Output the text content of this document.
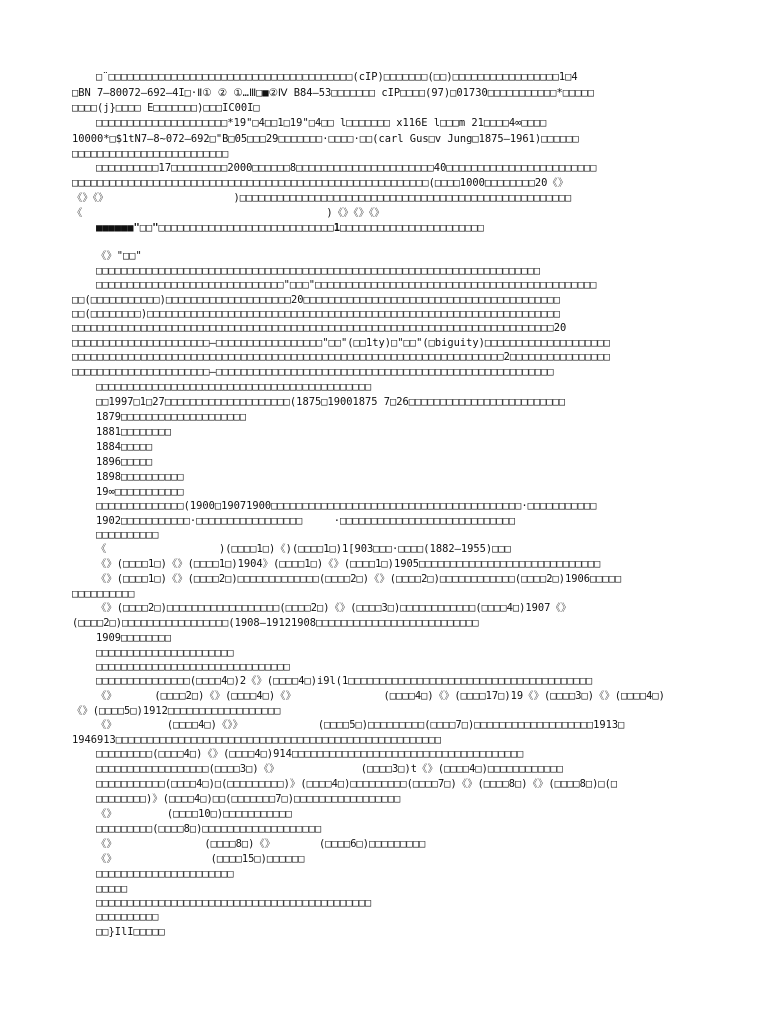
□¨□□□□□□□□□□□□□□□□□□□□□□□□□□□□□□□□□□□□□□□(cIP)□□□□□□□(□□)□□□□□□□□□□□□□□□□□1□4
□BN 7—80072—692—4I□·Ⅱ① ② ①…Ⅲ□■②Ⅳ B84—53□□□□□□□ cIP□□□□(97)□01730□□□□□□□□□□□*□□□□□
□□□□(j}□□□□ E□□□□□□□)□□□IC00I□
□□□□□□□□□□□□□□□□□□□□□*19"□4□□1□19"□4□□ l□□□□□□□ x116E l□□□m 21□□□□4∞□□□□
10000*□$1tN7—8~072—692□"B□05□□□29□□□□□□□·□□□□·□□(carl Gus□v Jung□1875—1961)□□□□□□
□□□□□□□□□□□□□□□□□□□□□□□□□
□□□□□□□□□□17□□□□□□□□□2000□□□□□□8□□□□□□□□□□□□□□□□□□□□□□40□□□□□□□□□□□□□□□□□□□□□□□□
□□□□□□□□□□□□□□□□□□□□□□□□□□□□□□□□□□□□□□□□□□□□□□□□□□□□□□□□□(□□□□1000□□□□□□□□20《》
《》《》                    )□□□□□□□□□□□□□□□□□□□□□□□□□□□□□□□□□□□□□□□□□□□□□□□□□□□□□
《                                       )《》《》《》
■■■■■■"□□"□□□□□□□□□□□□□□□□□□□□□□□□□□□□1□□□□□□□□□□□□□□□□□□□□□□□
《》"□□"
□□□□□□□□□□□□□□□□□□□□□□□□□□□□□□□□□□□□□□□□□□□□□□□□□□□□□□□□□□□□□□□□□□□□□□□
□□□□□□□□□□□□□□□□□□□□□□□□□□□□□□"□□□"□□□□□□□□□□□□□□□□□□□□□□□□□□□□□□□□□□□□□□□□□□□□□
□□(□□□□□□□□□□□)□□□□□□□□□□□□□□□□□□□□20□□□□□□□□□□□□□□□□□□□□□□□□□□□□□□□□□□□□□□□□□
□□(□□□□□□□□)□□□□□□□□□□□□□□□□□□□□□□□□□□□□□□□□□□□□□□□□□□□□□□□□□□□□□□□□□□□□□□□□□□
□□□□□□□□□□□□□□□□□□□□□□□□□□□□□□□□□□□□□□□□□□□□□□□□□□□□□□□□□□□□□□□□□□□□□□□□□□□□□20
□□□□□□□□□□□□□□□□□□□□□□—□□□□□□□□□□□□□□□□□"□□"(□□1ty)□"□□"(□biguity)□□□□□□□□□□□□□□□□□□□□
□□□□□□□□□□□□□□□□□□□□□□□□□□□□□□□□□□□□□□□□□□□□□□□□□□□□□□□□□□□□□□□□□□□□□2□□□□□□□□□□□□□□□□
□□□□□□□□□□□□□□□□□□□□□□—□□□□□□□□□□□□□□□□□□□□□□□□□□□□□□□□□□□□□□□□□□□□□□□□□□□□□□
□□□□□□□□□□□□□□□□□□□□□□□□□□□□□□□□□□□□□□□□□□□□
□□1997□1□27□□□□□□□□□□□□□□□□□□□□(1875□19001875 7□26□□□□□□□□□□□□□□□□□□□□□□□□□
1879□□□□□□□□□□□□□□□□□□□□
1881□□□□□□□□
1884□□□□□
1896□□□□□
1898□□□□□□□□□□
19∞□□□□□□□□□□□
□□□□□□□□□□□□□□(1900□19071900□□□□□□□□□□□□□□□□□□□□□□□□□□□□□□□□□□□□□□□□·□□□□□□□□□□□
1902□□□□□□□□□□□·□□□□□□□□□□□□□□□□□     ·□□□□□□□□□□□□□□□□□□□□□□□□□□□□
□□□□□□□□□□
《                  )(□□□□1□)《)(□□□□1□)1[903□□□·□□□□(1882—1955)□□□
《》(□□□□1□)《》(□□□□1□)1904》(□□□□1□)《》(□□□□1□)1905□□□□□□□□□□□□□□□□□□□□□□□□□□□□□
《》(□□□□1□)《》(□□□□2□)□□□□□□□□□□□□□(□□□□2□)《》(□□□□2□)□□□□□□□□□□□□(□□□□2□)1906□□□□□
□□□□□□□□□□
《》(□□□□2□)□□□□□□□□□□□□□□□□□□(□□□□2□)《》(□□□□3□)□□□□□□□□□□□□(□□□□4□)1907《》
(□□□□2□)□□□□□□□□□□□□□□□□□(1908—19121908□□□□□□□□□□□□□□□□□□□□□□□□□□
1909□□□□□□□□
□□□□□□□□□□□□□□□□□□□□□□
□□□□□□□□□□□□□□□□□□□□□□□□□□□□□□□
□□□□□□□□□□□□□□□(□□□□4□)2《》(□□□□4□)i9l(1□□□□□□□□□□□□□□□□□□□□□□□□□□□□□□□□□□□□□□□
《》      (□□□□2□)《》(□□□□4□)《》              (□□□□4□)《》(□□□□17□)19《》(□□□□3□)《》(□□□□4□)
《》(□□□□5□)1912□□□□□□□□□□□□□□□□□□
《》        (□□□□4□)《》》            (□□□□5□)□□□□□□□□□(□□□□7□)□□□□□□□□□□□□□□□□□□□1913□
1946913□□□□□□□□□□□□□□□□□□□□□□□□□□□□□□□□□□□□□□□□□□□□□□□□□□□□
□□□□□□□□□(□□□□4□)《》(□□□□4□)914□□□□□□□□□□□□□□□□□□□□□□□□□□□□□□□□□□□□□
□□□□□□□□□□□□□□□□□□(□□□□3□)《》             (□□□□3□)t《》(□□□□4□)□□□□□□□□□□□□
□□□□□□□□□□□(□□□□4□)□(□□□□□□□□□)》(□□□□4□)□□□□□□□□□(□□□□7□)《》(□□□□8□)《》(□□□□8□)□(□
□□□□□□□□)》(□□□□4□)□□(□□□□□□□7□)□□□□□□□□□□□□□□□□□
《》        (□□□□10□)□□□□□□□□□□□
□□□□□□□□□(□□□□8□)□□□□□□□□□□□□□□□□□□□
《》              (□□□□8□)《》       (□□□□6□)□□□□□□□□□
《》               (□□□□15□)□□□□□□
□□□□□□□□□□□□□□□□□□□□□□
□□□□□
□□□□□□□□□□□□□□□□□□□□□□□□□□□□□□□□□□□□□□□□□□□□
□□□□□□□□□□
□□}IlI□□□□□
